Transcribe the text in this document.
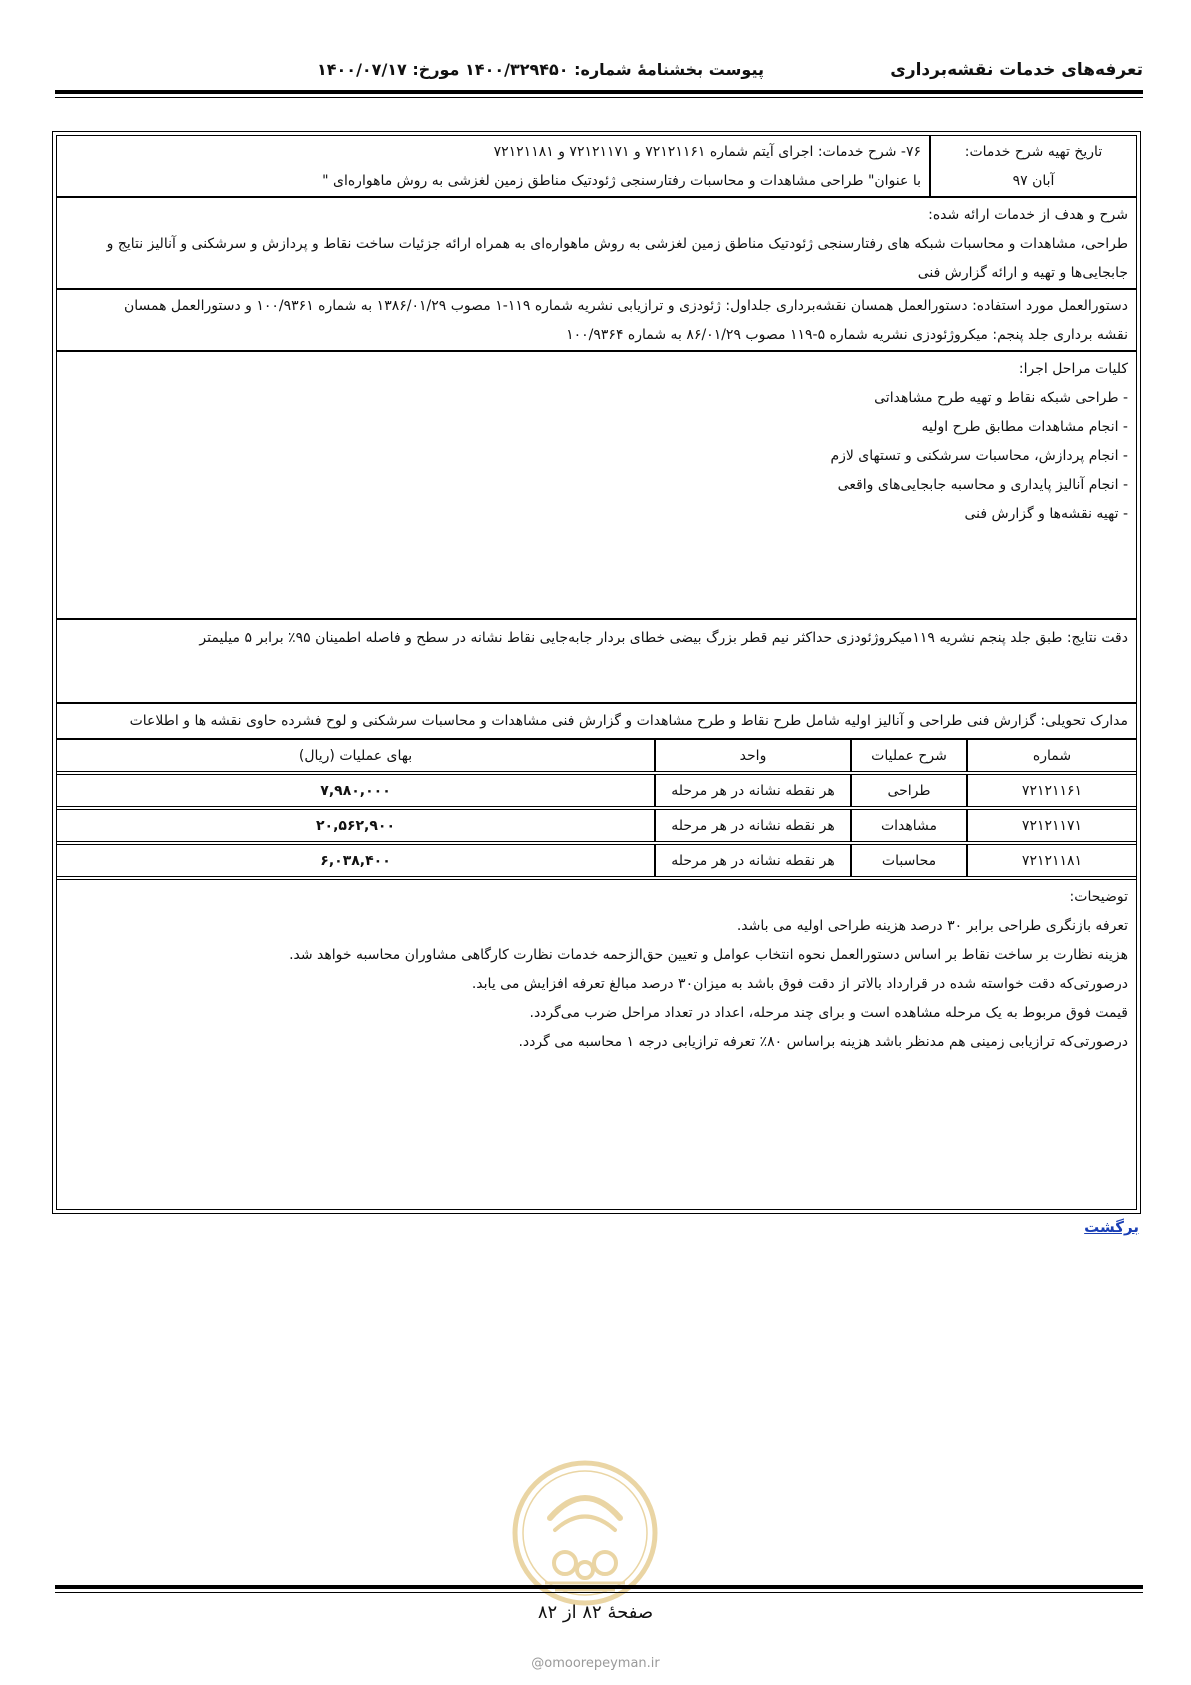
تعرفه‌های خدمات نقشه‌برداری
پیوست بخشنامهٔ شماره: ۱۴۰۰/۳۲۹۴۵۰ مورخ: ۱۴۰۰/۰۷/۱۷
۷۶- شرح خدمات: اجرای آیتم شماره ۷۲۱۲۱۱۶۱ و ۷۲۱۲۱۱۷۱ و ۷۲۱۲۱۱۸۱
با عنوان" طراحی مشاهدات و محاسبات رفتارسنجی ژئودتیک مناطق زمین لغزشی به روش ماهواره‌ای "
تاریخ تهیه شرح خدمات:
آبان ۹۷
شرح و هدف از خدمات ارائه شده:
طراحی، مشاهدات و محاسبات شبکه های رفتارسنجی ژئودتیک مناطق زمین لغزشی به روش ماهواره‌ای به همراه ارائه جزئیات ساخت نقاط و پردازش و سرشکنی و آنالیز نتایج و
جابجایی‌ها و تهیه و ارائه گزارش فنی
دستورالعمل مورد استفاده: دستورالعمل همسان نقشه‌برداری جلداول: ژئودزی و ترازیابی نشریه شماره ۱۱۹-۱ مصوب ۱۳۸۶/۰۱/۲۹ به شماره ۱۰۰/۹۳۶۱ و دستورالعمل همسان
نقشه برداری جلد پنجم: میکروژئودزی نشریه شماره ۵-۱۱۹ مصوب ۸۶/۰۱/۲۹ به شماره ۱۰۰/۹۳۶۴
کلیات مراحل اجرا:
- طراحی شبکه نقاط و تهیه طرح مشاهداتی
- انجام مشاهدات مطابق طرح اولیه
- انجام پردازش، محاسبات سرشکنی و تستهای لازم
- انجام آنالیز پایداری و محاسبه جابجایی‌های واقعی
- تهیه نقشه‌ها و گزارش فنی
دقت نتایج: طبق جلد پنجم نشریه ۱۱۹میکروژئودزی حداکثر نیم قطر بزرگ بیضی خطای بردار جابه‌جایی نقاط نشانه در سطح و فاصله اطمینان ۹۵٪ برابر ۵ میلیمتر
مدارک تحویلی: گزارش فنی طراحی و آنالیز اولیه شامل طرح نقاط و طرح مشاهدات و گزارش فنی مشاهدات و محاسبات سرشکنی و لوح فشرده حاوی نقشه ها و اطلاعات
شماره
شرح عملیات
واحد
بهای عملیات (ریال)
۷۲۱۲۱۱۶۱
طراحی
هر نقطه نشانه در هر مرحله
۷,۹۸۰,۰۰۰
۷۲۱۲۱۱۷۱
مشاهدات
هر نقطه نشانه در هر مرحله
۲۰,۵۶۲,۹۰۰
۷۲۱۲۱۱۸۱
محاسبات
هر نقطه نشانه در هر مرحله
۶,۰۳۸,۴۰۰
توضیحات:
تعرفه بازنگری طراحی برابر ۳۰ درصد هزینه طراحی اولیه می باشد.
هزینه نظارت بر ساخت نقاط بر اساس دستورالعمل نحوه انتخاب عوامل و تعیین حق‌الزحمه خدمات نظارت کارگاهی مشاوران محاسبه خواهد شد.
درصورتی‌که دقت خواسته شده در قرارداد بالاتر از دقت فوق باشد به میزان۳۰ درصد مبالغ تعرفه افزایش می یابد.
قیمت فوق مربوط به یک مرحله مشاهده است و برای چند مرحله، اعداد در تعداد مراحل ضرب می‌گردد.
درصورتی‌که ترازیابی زمینی هم مدنظر باشد هزینه براساس ۸۰٪ تعرفه ترازیابی درجه ۱ محاسبه می گردد.
برگشت
صفحهٔ ۸۲ از ۸۲
@omoorepeyman.ir
